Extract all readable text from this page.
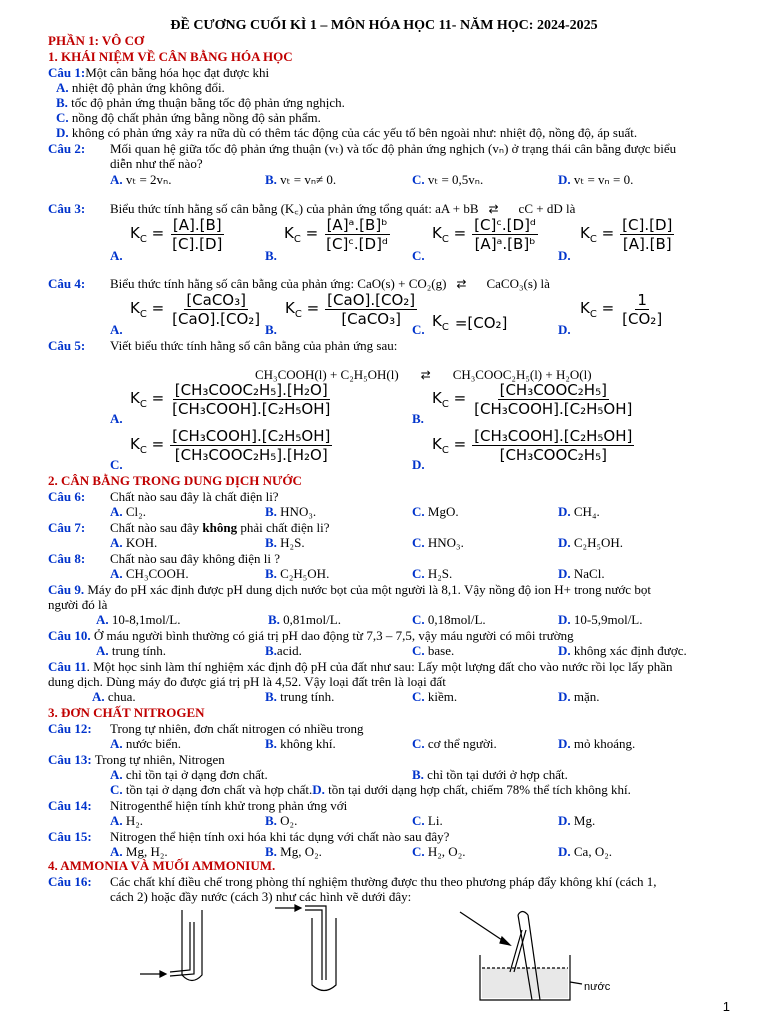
ĐỀ CƯƠNG CUỐI KÌ 1 – MÔN HÓA HỌC 11- NĂM HỌC: 2024-2025
PHẦN 1: VÔ CƠ
1. KHÁI NIỆM VỀ CÂN BẰNG HÓA HỌC
Câu 1:Một cân bằng hóa học đạt được khi
A. nhiệt độ phản ứng không đổi.
B. tốc độ phản ứng thuận bằng tốc độ phản ứng nghịch.
C. nồng độ chất phản ứng bằng nồng độ sản phẩm.
D. không có phản ứng xảy ra nữa dù có thêm tác động của các yếu tố bên ngoài như: nhiệt độ, nồng độ, áp suất.
Câu 2: Mối quan hệ giữa tốc độ phản ứng thuận (vₜ) và tốc độ phản ứng nghịch (vₙ) ở trạng thái cân bằng được biểu
diễn như thế nào?
A. vₜ = 2vₙ.	B. vₜ = vₙ≠ 0.	C. vₜ = 0,5vₙ.	D. vₜ = vₙ = 0.
Câu 3: Biểu thức tính hằng số cân bằng (K꜀) của phản ứng tổng quát: aA + bB ⇄ cC + dD là
A.
$K_C = \frac{[A].[B]}{[C].[D]}$
B.
$K_C = \frac{\text{[A]ᵃ.[B]ᵇ}}{\text{[C]ᶜ.[D]ᵈ}}$
C.
$K_C = \frac{\text{[C]ᶜ.[D]ᵈ}}{\text{[A]ᵃ.[B]ᵇ}}$
D.
$K_C = \frac{[C].[D]}{[A].[B]}$
Câu 4: Biểu thức tính hằng số cân bằng của phản ứng: CaO(s) + CO₂(g) ⇄ CaCO₃(s) là
A.
$K_C = \frac{\text{[CaCO₃]}}{\text{[CaO].[CO₂]}}$
B.
$K_C = \frac{\text{[CaO].[CO₂]}}{\text{[CaCO₃]}}$
C. $K_C =[CO_2]$	D.
$K_C = \frac{1}{\text{[CO₂]}}$
Câu 5: Viết biểu thức tính hằng số cân bằng của phản ứng sau:
CH₃COOH(l) + C₂H₅OH(l) ⇄ CH₃COOC₂H₅(l) + H₂O(l)
A.
$K_C = \frac{\text{[CH₃COOC₂H₅].[H₂O]}}{\text{[CH₃COOH].[C₂H₅OH]}}$
B.
$K_C = \frac{\text{[CH₃COOC₂H₅]}}{\text{[CH₃COOH].[C₂H₅OH]}}$
C.
$K_C = \frac{\text{[CH₃COOH].[C₂H₅OH]}}{\text{[CH₃COOC₂H₅].[H₂O]}}$
D.
$K_C = \frac{\text{[CH₃COOH].[C₂H₅OH]}}{\text{[CH₃COOC₂H₅]}}$
2. CÂN BẰNG TRONG DUNG DỊCH NƯỚC
Câu 6: Chất nào sau đây là chất điện li?
A. Cl₂.	B. HNO₃.	C. MgO.	D. CH₄.
Câu 7: Chất nào sau đây không phải chất điện li?
A. KOH.	B. H₂S.	C. HNO₃.	D. C₂H₅OH.
Câu 8: Chất nào sau đây không điện li ?
A. CH₃COOH.	B. C₂H₅OH.	C. H₂S.	D. NaCl.
Câu 9. Máy đo pH xác định được pH dung dịch nước bọt của một người là 8,1. Vậy nồng độ ion H+ trong nước bọt
người đó là
A. 10-8,1mol/L.	B. 0,81mol/L.	C. 0,18mol/L.	D. 10-5,9mol/L.
Câu 10. Ở máu người bình thường có giá trị pH dao động từ 7,3 – 7,5, vậy máu người có môi trường
A. trung tính.	B.acid.	C. base.	D. không xác định được.
Câu 11. Một học sinh làm thí nghiệm xác định độ pH của đất như sau: Lấy một lượng đất cho vào nước rồi lọc lấy phần
dung dịch. Dùng máy đo được giá trị pH là 4,52. Vậy loại đất trên là loại đất
A. chua.	B. trung tính.	C. kiềm.	D. mặn.
3. ĐƠN CHẤT NITROGEN
Câu 12: Trong tự nhiên, đơn chất nitrogen có nhiều trong
A. nước biển.	B. không khí.	C. cơ thể người.	D. mỏ khoáng.
Câu 13: Trong tự nhiên, Nitrogen
A. chỉ tồn tại ở dạng đơn chất.	B. chỉ tồn tại dưới ở hợp chất.
C. tồn tại ở dạng đơn chất và hợp chất.D. tồn tại dưới dạng hợp chất, chiếm 78% thể tích không khí.
Câu 14: Nitrogenthể hiện tính khử trong phản ứng với
A. H₂.	B. O₂.	C. Li.	D. Mg.
Câu 15: Nitrogen thể hiện tính oxi hóa khi tác dụng với chất nào sau đây?
A. Mg, H₂.	B. Mg, O₂.	C. H₂, O₂.	D. Ca, O₂.
4. AMMONIA VÀ MUỐI AMMONIUM.
Câu 16: Các chất khí điều chế trong phòng thí nghiệm thường được thu theo phương pháp đẩy không khí (cách 1,
cách 2) hoặc đầy nước (cách 3) như các hình vẽ dưới đây:
nước
1
